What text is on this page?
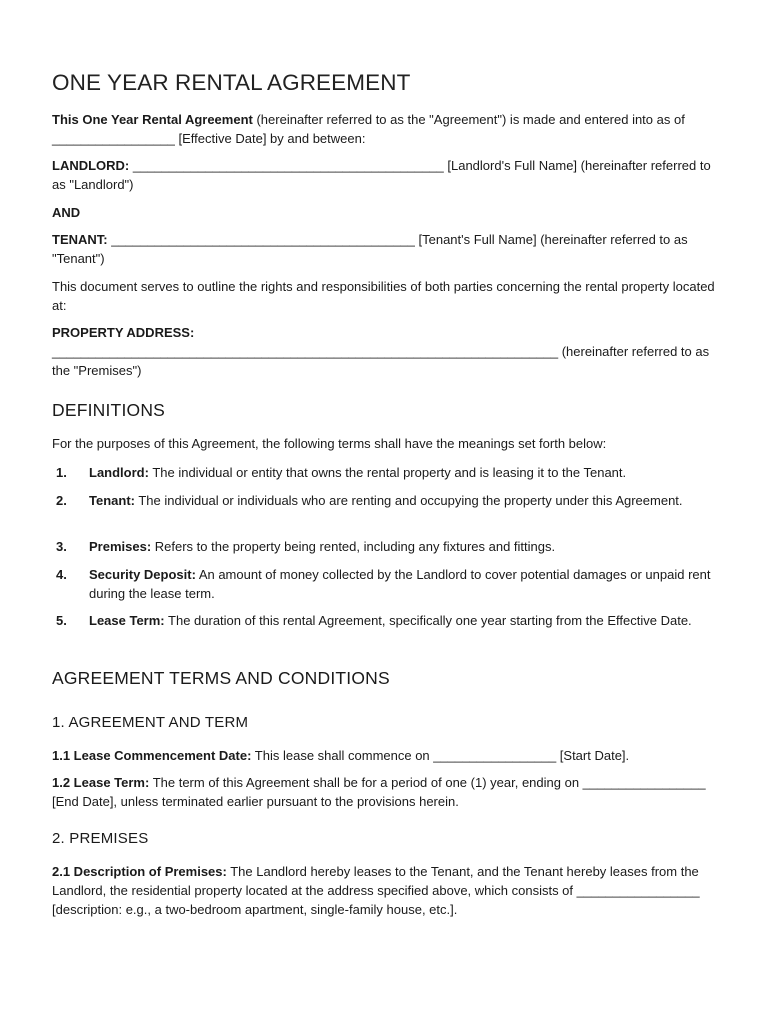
ONE YEAR RENTAL AGREEMENT

This One Year Rental Agreement (hereinafter referred to as the "Agreement") is made and entered into as of _________________ [Effective Date] by and between:

LANDLORD: ___________________________________________ [Landlord's Full Name] (hereinafter referred to as "Landlord")

AND

TENANT: __________________________________________ [Tenant's Full Name] (hereinafter referred to as "Tenant")

This document serves to outline the rights and responsibilities of both parties concerning the rental property located at:

PROPERTY ADDRESS:

______________________________________________________________________ (hereinafter referred to as the "Premises")

DEFINITIONS

For the purposes of this Agreement, the following terms shall have the meanings set forth below:

1. Landlord: The individual or entity that owns the rental property and is leasing it to the Tenant.
2. Tenant: The individual or individuals who are renting and occupying the property under this Agreement.
3. Premises: Refers to the property being rented, including any fixtures and fittings.
4. Security Deposit: An amount of money collected by the Landlord to cover potential damages or unpaid rent during the lease term.
5. Lease Term: The duration of this rental Agreement, specifically one year starting from the Effective Date.
AGREEMENT TERMS AND CONDITIONS
1. AGREEMENT AND TERM

1.1 Lease Commencement Date: This lease shall commence on _________________ [Start Date].

1.2 Lease Term: The term of this Agreement shall be for a period of one (1) year, ending on _________________ [End Date], unless terminated earlier pursuant to the provisions herein.

2. PREMISES

2.1 Description of Premises: The Landlord hereby leases to the Tenant, and the Tenant hereby leases from the Landlord, the residential property located at the address specified above, which consists of _________________ [description: e.g., a two-bedroom apartment, single-family house, etc.].
